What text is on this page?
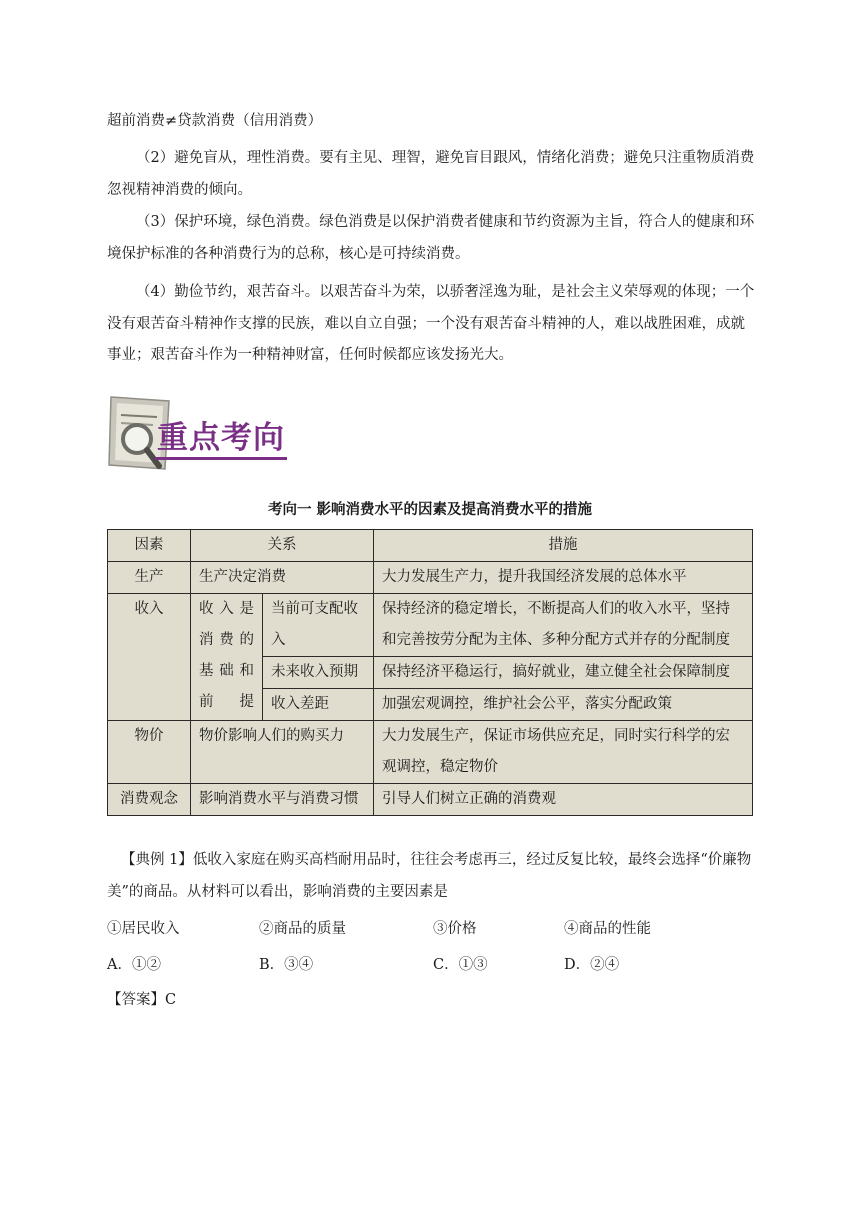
超前消费≠贷款消费（信用消费）

（2）避免盲从，理性消费。要有主见、理智，避免盲目跟风，情绪化消费；避免只注重物质消费忽视精神消费的倾向。

（3）保护环境，绿色消费。绿色消费是以保护消费者健康和节约资源为主旨，符合人的健康和环境保护标准的各种消费行为的总称，核心是可持续消费。

（4）勤俭节约，艰苦奋斗。以艰苦奋斗为荣，以骄奢淫逸为耻，是社会主义荣辱观的体现；一个没有艰苦奋斗精神作支撑的民族，难以自立自强；一个没有艰苦奋斗精神的人，难以战胜困难，成就事业；艰苦奋斗作为一种精神财富，任何时候都应该发扬光大。

重点考向
考向一 影响消费水平的因素及提高消费水平的措施
因素	关系		措施
生产	生产决定消费		大力发展生产力，提升我国经济发展的总体水平
收入	收入是消费的基础和前提	当前可支配收入	保持经济的稳定增长，不断提高人们的收入水平，坚持和完善按劳分配为主体、多种分配方式并存的分配制度
		未来收入预期	保持经济平稳运行，搞好就业，建立健全社会保障制度
		收入差距	加强宏观调控，维护社会公平，落实分配政策
物价	物价影响人们的购买力		大力发展生产，保证市场供应充足，同时实行科学的宏观调控，稳定物价
消费观念	影响消费水平与消费习惯		引导人们树立正确的消费观

【典例 1】低收入家庭在购买高档耐用品时，往往会考虑再三，经过反复比较，最终会选择“价廉物美”的商品。从材料可以看出，影响消费的主要因素是

①居民收入	②商品的质量	③价格	④商品的性能
A．①②	B．③④	C．①③	D．②④
【答案】C
